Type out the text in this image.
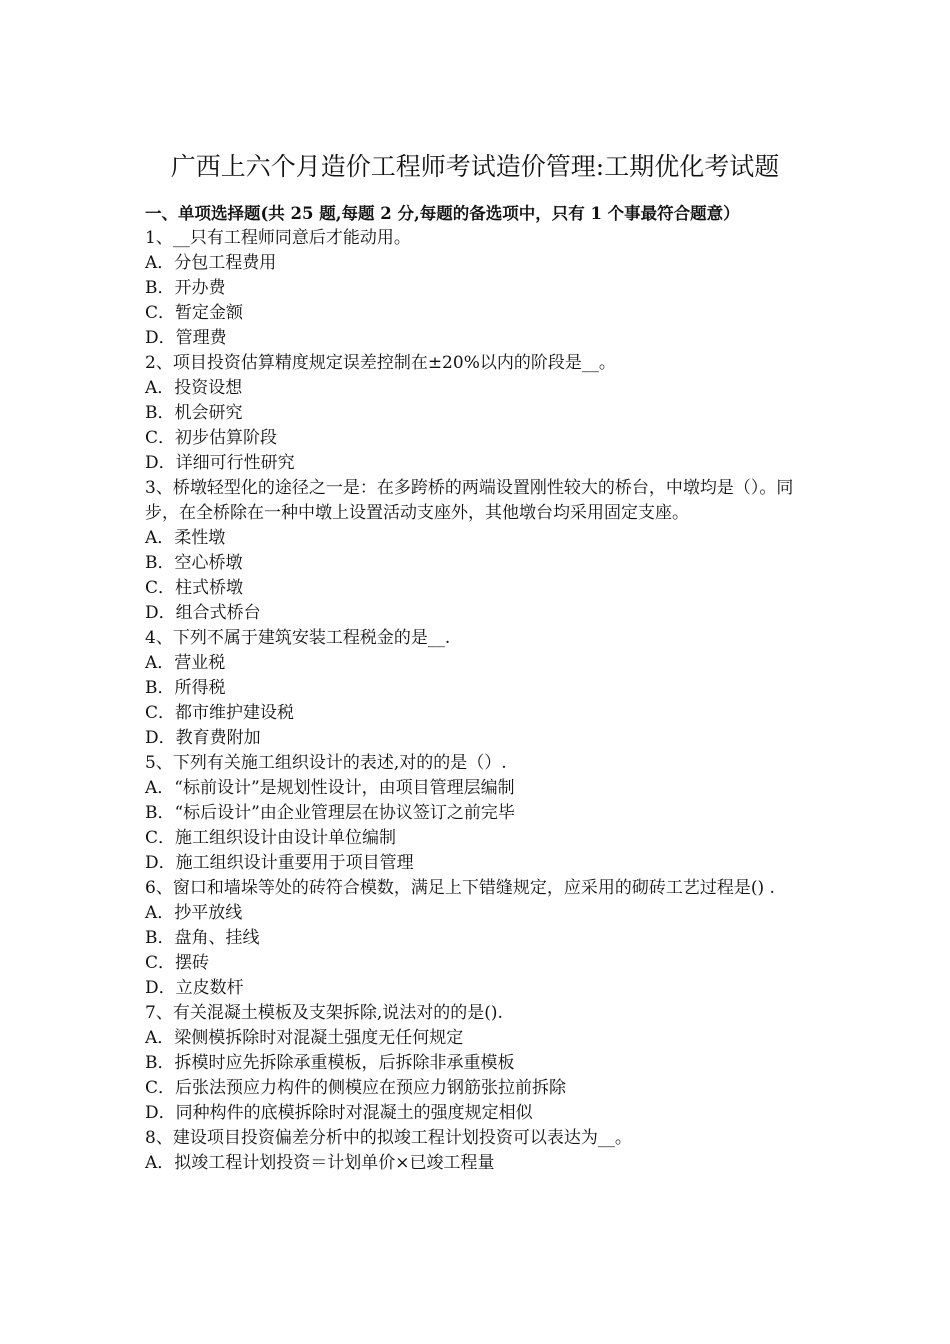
广西上六个月造价工程师考试造价管理:工期优化考试题
一、单项选择题(共 25 题,每题 2 分,每题的备选项中，只有 1 个事最符合题意）

1、__只有工程师同意后才能动用。

A．分包工程费用

B．开办费

C．暂定金额

D．管理费

2、项目投资估算精度规定误差控制在±20%以内的阶段是__。

A．投资设想

B．机会研究

C．初步估算阶段

D．详细可行性研究

3、桥墩轻型化的途径之一是：在多跨桥的两端设置刚性较大的桥台，中墩均是（）。同步，在全桥除在一种中墩上设置活动支座外，其他墩台均采用固定支座。

A．柔性墩

B．空心桥墩

C．柱式桥墩

D．组合式桥台

4、下列不属于建筑安装工程税金的是__.

A．营业税

B．所得税

C．都市维护建设税

D．教育费附加

5、下列有关施工组织设计的表述,对的的是（）.

A．“标前设计”是规划性设计，由项目管理层编制

B．“标后设计”由企业管理层在协议签订之前完毕

C．施工组织设计由设计单位编制

D．施工组织设计重要用于项目管理

6、窗口和墙垛等处的砖符合模数，满足上下错缝规定，应采用的砌砖工艺过程是() .

A．抄平放线

B．盘角、挂线

C．摆砖

D．立皮数杆

7、有关混凝土模板及支架拆除,说法对的的是().

A．梁侧模拆除时对混凝土强度无任何规定

B．拆模时应先拆除承重模板，后拆除非承重模板

C．后张法预应力构件的侧模应在预应力钢筋张拉前拆除

D．同种构件的底模拆除时对混凝土的强度规定相似

8、建设项目投资偏差分析中的拟竣工程计划投资可以表达为__。

A．拟竣工程计划投资＝计划单价×已竣工程量
